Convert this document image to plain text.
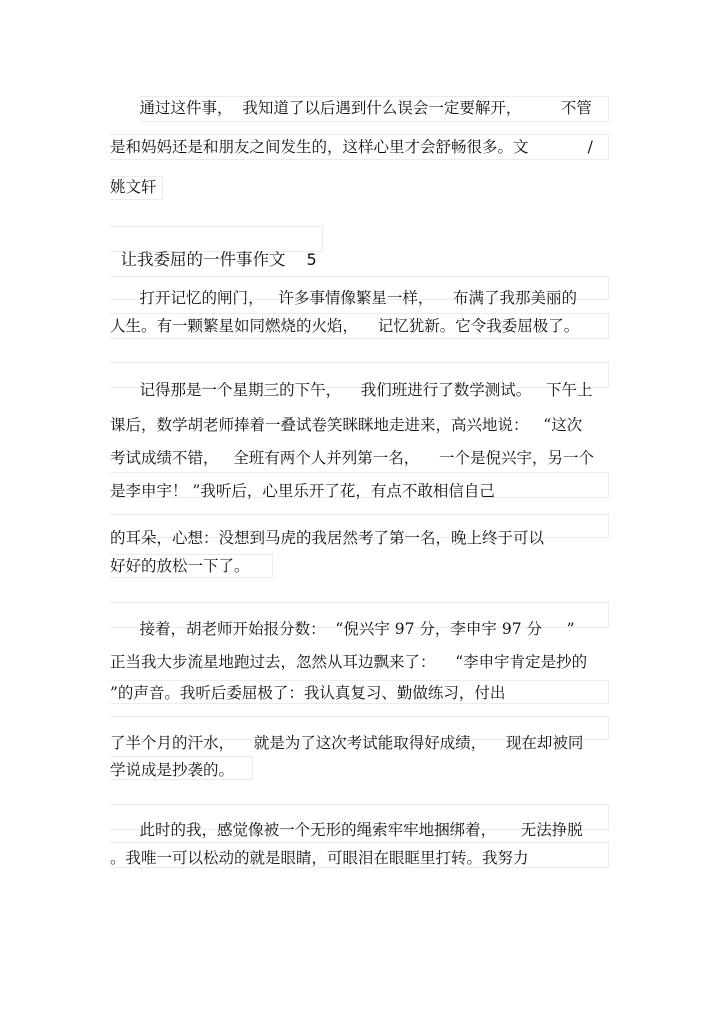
通过这件事，  我知道了以后遇到什么误会一定要解开，        不管

是和妈妈还是和朋友之间发生的，这样心里才会舒畅很多。文            /

姚文轩

让我委屈的一件事作文 5

打开记忆的闸门，   许多事情像繁星一样，    布满了我那美丽的

人生。有一颗繁星如同燃烧的火焰，    记忆犹新。它令我委屈极了。

记得那是一个星期三的下午，    我们班进行了数学测试。   下午上

课后，数学胡老师捧着一叠试卷笑眯眯地走进来，高兴地说：   “这次

考试成绩不错，   全班有两个人并列第一名，    一个是倪兴宇，另一个

是李申宇！ ”我听后，心里乐开了花，有点不敢相信自己

的耳朵，心想：没想到马虎的我居然考了第一名，晚上终于可以

好好的放松一下了。

接着，胡老师开始报分数：  “倪兴宇 97 分，李申宇 97 分     ”

正当我大步流星地跑过去，忽然从耳边飘来了：    “李申宇肯定是抄的

”的声音。我听后委屈极了：我认真复习、勤做练习，付出

了半个月的汗水，    就是为了这次考试能取得好成绩，    现在却被同

学说成是抄袭的。

此时的我，感觉像被一个无形的绳索牢牢地捆绑着，     无法挣脱

。我唯一可以松动的就是眼睛，可眼泪在眼眶里打转。我努力
